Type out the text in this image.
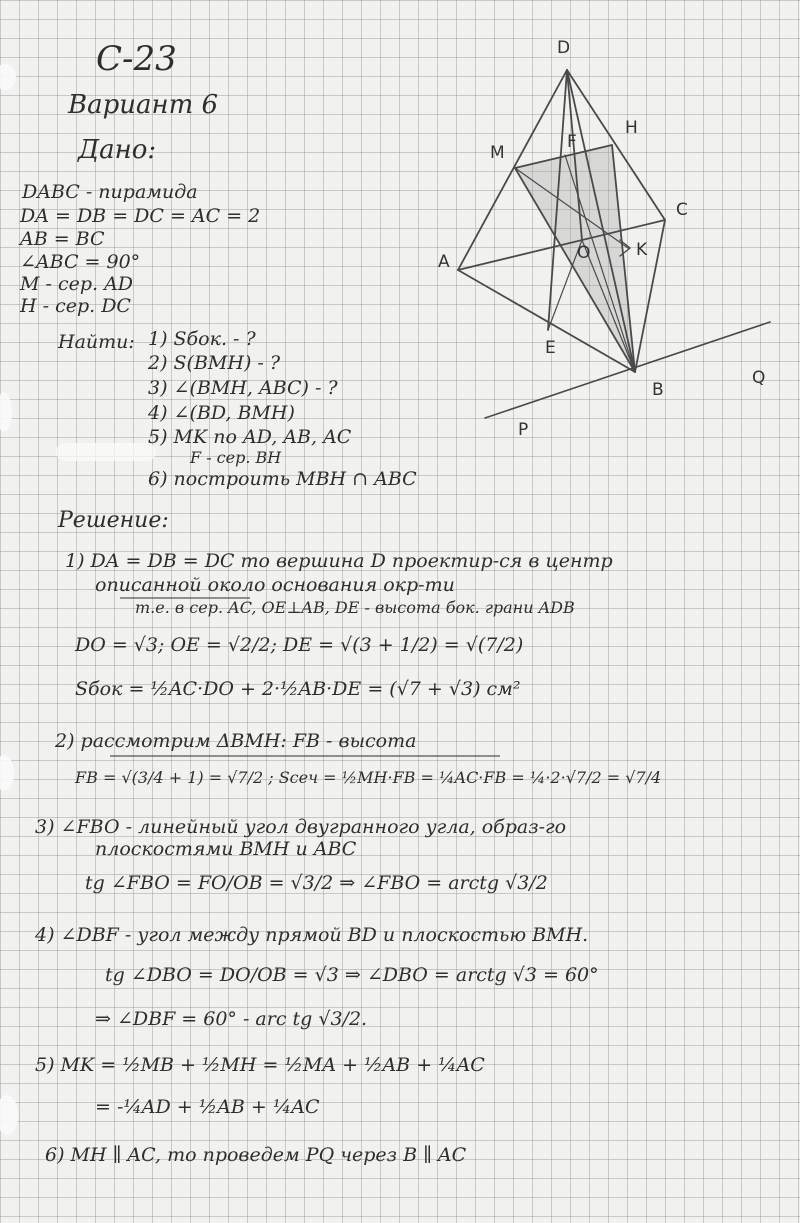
С-23
Вариант 6
Дано:
DABC - пирамида
DA = DB = DC = AC = 2
AB = BC
∠ABC = 90°
M - сер. AD
H - сер. DC
Найти: 1) Sбок. - ?
2) S(BMH) - ?
3) ∠(BMH, ABC) - ?
4) ∠(BD, BMH)
5) MK по AD, AB, AC
F - сер. BH
6) построить MBH ∩ ABC
D
M
H
F
C
A	O	K
E
B
P
Q
Решение:
1) DA = DB = DC то вершина D проектир-ся в центр
описанной около основания окр-ти
т.е. в сер. AC, OE⊥AB, DE - высота бок. грани ADB
DO = √3; OE = √2/2; DE = √(3 + 1/2) = √(7/2)
Sбок = ½AC·DO + 2·½AB·DE = (√7 + √3) см²
2) рассмотрим ΔBMH: FB - высота
FB = √(3/4 + 1) = √7/2 ; Sсеч = ½MH·FB = ¼AC·FB = ¼·2·√7/2 = √7/4
3) ∠FBO - линейный угол двугранного угла, образ-го
плоскостями BMH и ABC
tg ∠FBO = FO/OB = √3/2 ⇒ ∠FBO = arctg √3/2
4) ∠DBF - угол между прямой BD и плоскостью BMH.
tg ∠DBO = DO/OB = √3 ⇒ ∠DBO = arctg √3 = 60°
⇒ ∠DBF = 60° - arc tg √3/2.
5) MK = ½MB + ½MH = ½MA + ½AB + ¼AC
= -¼AD + ½AB + ¼AC
6) MH ∥ AC, то проведем PQ через B ∥ AC
